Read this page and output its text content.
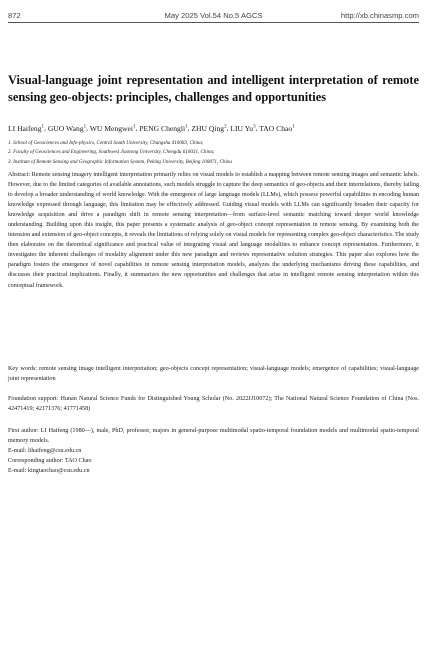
872	May 2025 Vol.54 No.5 AGCS	http://xb.chinasmp.com
Visual-language joint representation and intelligent interpretation of remote sensing geo-objects: principles, challenges and opportunities
LI Haifeng$^1$, GUO Wang$^1$, WU Mengwei$^1$, PENG Chengli$^1$, ZHU Qing$^2$, LIU Yu$^3$, TAO Chao$^1$
1. School of Geosciences and Info-physics, Central South University, Changsha 410083, China;
2. Faculty of Geosciences and Engineering, Southwest Jiaotong University, Chengdu 610031, China;
3. Institute of Remote Sensing and Geographic Information System, Peking University, Beijing 100871, China
Abstract: Remote sensing imagery intelligent interpretation primarily relies on visual models to establish a mapping between remote sensing images and semantic labels. However, due to the limited categories of available annotations, such models struggle to capture the deep semantics of geo-objects and their interrelations, thereby failing to develop a broader understanding of world knowledge. With the emergence of large language models (LLMs), which possess powerful capabilities in encoding human knowledge expressed through language, this limitation may be effectively addressed. Guiding visual models with LLMs can significantly broaden their capacity for knowledge acquisition and drive a paradigm shift in remote sensing interpretation—from surface-level semantic matching toward deeper world knowledge understanding. Building upon this insight, this paper presents a systematic analysis of geo-object concept representation in remote sensing. By examining both the intension and extension of geo-object concepts, it reveals the limitations of relying solely on visual models for representing complex geo-object characteristics. The study then elaborates on the theoretical significance and practical value of integrating visual and language modalities to enhance concept representation. Furthermore, it investigates the inherent challenges of modality alignment under this new paradigm and reviews representative solution strategies. This paper also explores how the paradigm fosters the emergence of novel capabilities in remote sensing interpretation models, analyzes the underlying mechanisms driving these capabilities, and discusses their practical implications. Finally, it summarizes the new opportunities and challenges that arise in intelligent remote sensing interpretation within this conceptual framework.
Key words: remote sensing image intelligent interpretation; geo-objects concept representation; visual-language models; emergence of capabilities; visual-language joint representation
Foundation support: Hunan Natural Science Funds for Distinguished Young Scholar (No. 2022JJ10072); The National Natural Science Foundation of China (Nos. 42471419; 42171376; 41771458)
First author: LI Haifeng (1980—), male, PhD, professor, majors in general-purpose multimodal spatio-temporal foundation models and multimodal spatio-temporal memory models.
E-mail: lihaifeng@csu.edu.cn
Corresponding author: TAO Chao
E-mail: kingtaochao@csu.edu.cn
